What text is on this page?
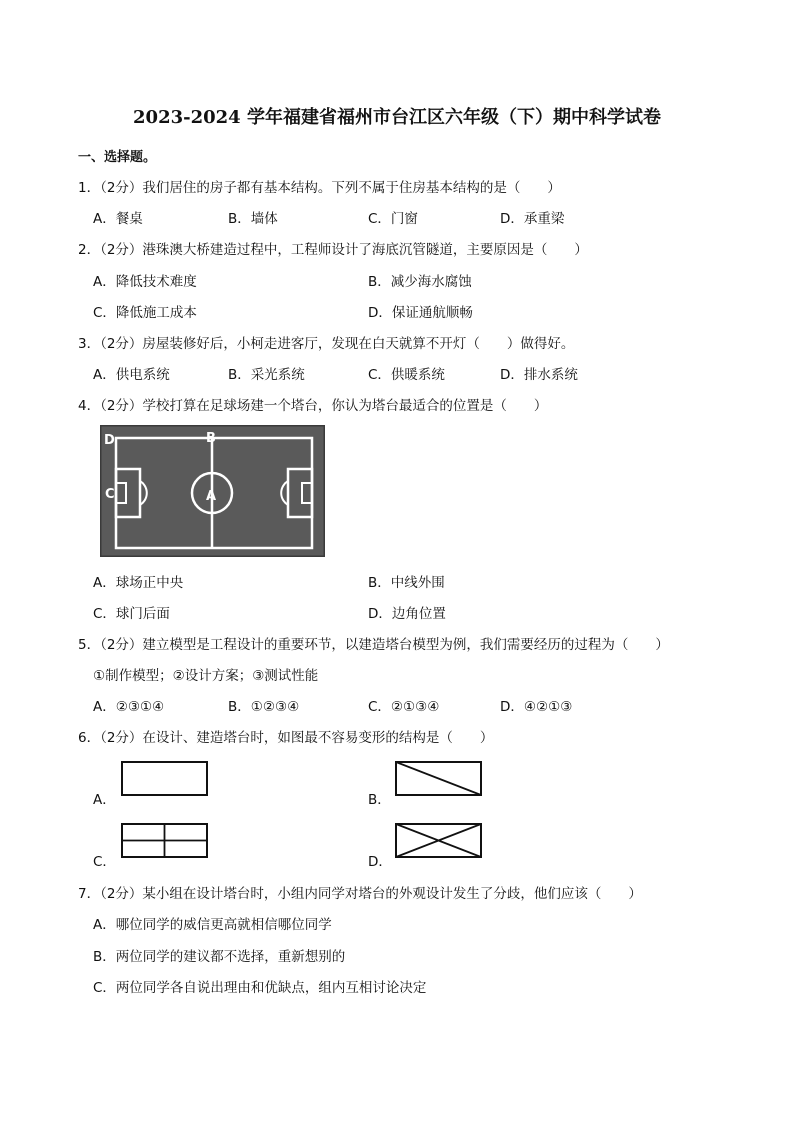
2023-2024 学年福建省福州市台江区六年级（下）期中科学试卷
一、选择题。
1．（2分）我们居住的房子都有基本结构。下列不属于住房基本结构的是（　　）
A．餐桌	B．墙体	C．门窗	D．承重梁
2．（2分）港珠澳大桥建造过程中，工程师设计了海底沉管隧道，主要原因是（　　）
A．降低技术难度	B．减少海水腐蚀
C．降低施工成本	D．保证通航顺畅
3．（2分）房屋装修好后，小柯走进客厅，发现在白天就算不开灯（　　）做得好。
A．供电系统	B．采光系统	C．供暖系统	D．排水系统
4．（2分）学校打算在足球场建一个塔台，你认为塔台最适合的位置是（　　）
D	B
C	A
A．球场正中央	B．中线外围
C．球门后面	D．边角位置
5．（2分）建立模型是工程设计的重要环节，以建造塔台模型为例，我们需要经历的过程为（　　）
①制作模型；②设计方案；③测试性能
A．②③①④	B．①②③④	C．②①③④	D．④②①③
6．（2分）在设计、建造塔台时，如图最不容易变形的结构是（　　）
A．	B．
C．	D．
7．（2分）某小组在设计塔台时，小组内同学对塔台的外观设计发生了分歧，他们应该（　　）
A．哪位同学的威信更高就相信哪位同学
B．两位同学的建议都不选择，重新想别的
C．两位同学各自说出理由和优缺点，组内互相讨论决定
